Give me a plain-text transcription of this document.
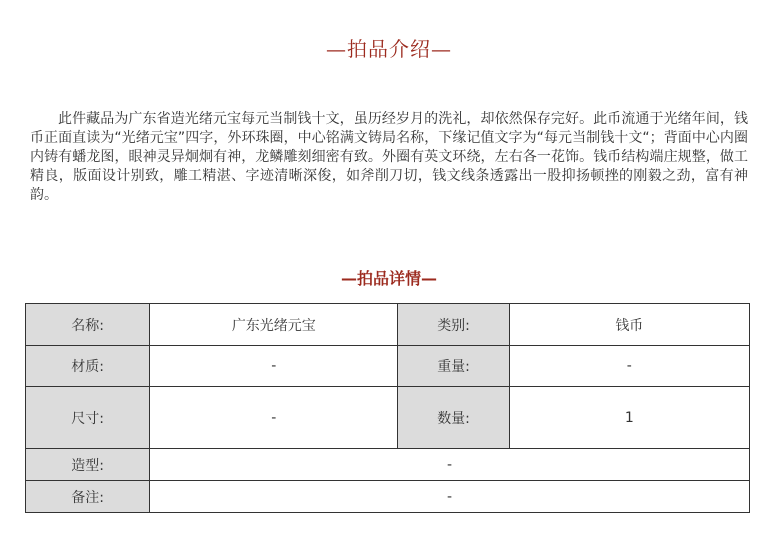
—拍品介绍—

此件藏品为广东省造光绪元宝每元当制钱十文，虽历经岁月的洗礼，却依然保存完好。此币流通于光绪年间，钱币正面直读为“光绪元宝”四字，外环珠圈，中心铭满文铸局名称，下缘记值文字为“每元当制钱十文“；背面中心内圈内铸有蟠龙图，眼神灵异炯炯有神，龙鳞雕刻细密有致。外圈有英文环绕，左右各一花饰。钱币结构端庄规整，做工精良，版面设计别致，雕工精湛、字迹清晰深俊，如斧削刀切，钱文线条透露出一股抑扬顿挫的刚毅之劲，富有神韵。

—拍品详情—
名称:	广东光绪元宝	类别:	钱币
材质:	-	重量:	-
尺寸:	-	数量:	1
造型:	-		
备注:	-		
